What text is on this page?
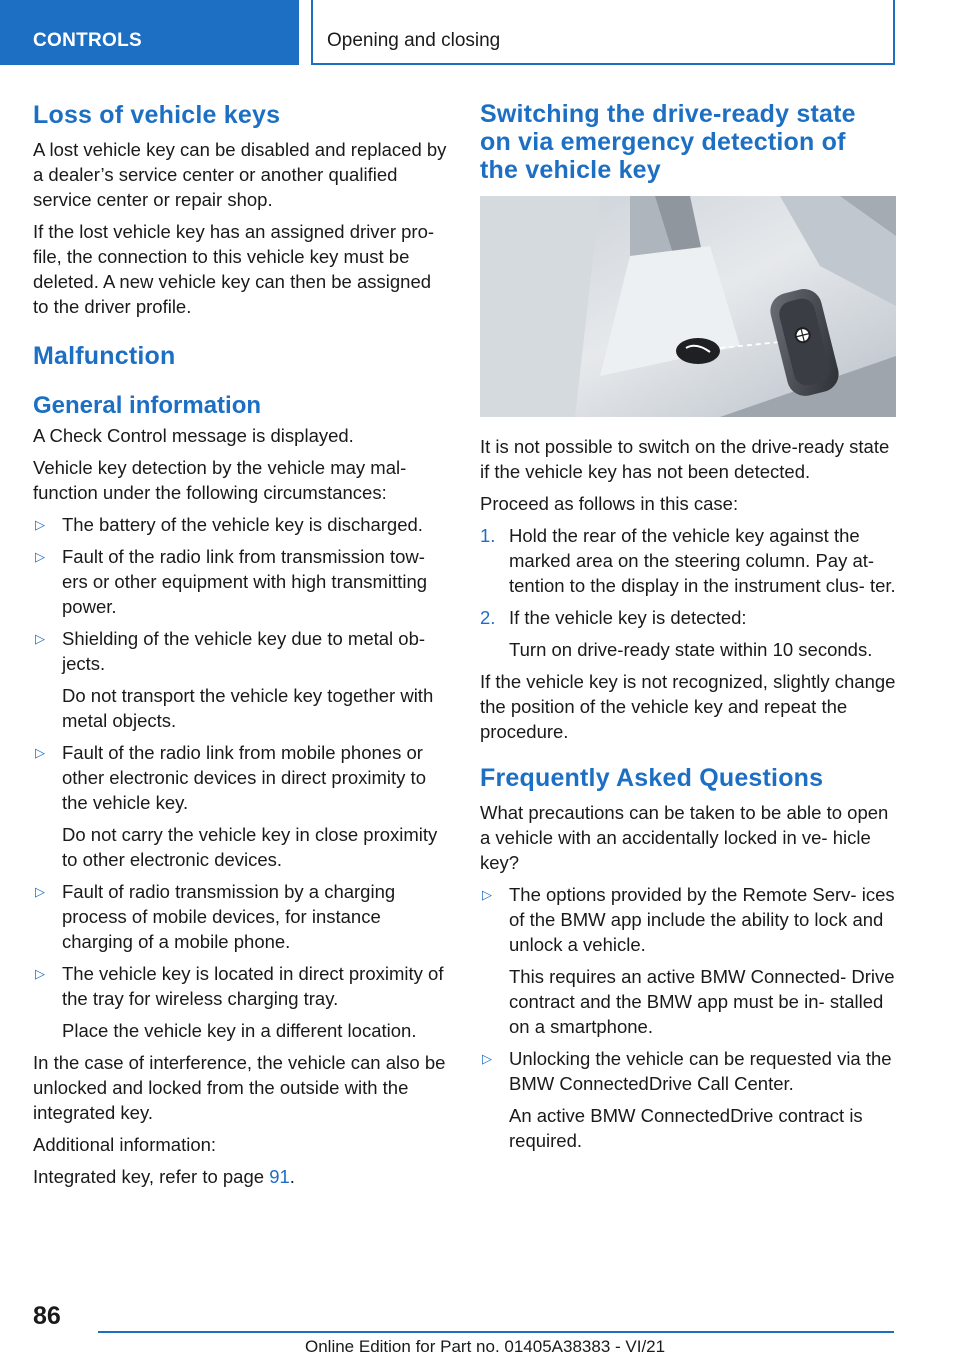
CONTROLS	Opening and closing
Loss of vehicle keys

A lost vehicle key can be disabled and replaced by a dealer’s service center or another qualified service center or repair shop.

If the lost vehicle key has an assigned driver pro‐ file, the connection to this vehicle key must be deleted. A new vehicle key can then be assigned to the driver profile.

Malfunction
General information

A Check Control message is displayed.

Vehicle key detection by the vehicle may mal‐ function under the following circumstances:

▷ The battery of the vehicle key is discharged.

▷ Fault of the radio link from transmission tow‐ ers or other equipment with high transmitting power.

▷ Shielding of the vehicle key due to metal ob‐ jects.

Do not transport the vehicle key together with metal objects.

▷ Fault of the radio link from mobile phones or other electronic devices in direct proximity to the vehicle key.

Do not carry the vehicle key in close proximity to other electronic devices.

▷ Fault of radio transmission by a charging process of mobile devices, for instance charging of a mobile phone.

▷ The vehicle key is located in direct proximity of the tray for wireless charging tray.

Place the vehicle key in a different location.

In the case of interference, the vehicle can also be unlocked and locked from the outside with the integrated key.

Additional information:

Integrated key, refer to page 91.

Switching the drive-ready state on via emergency detection of the vehicle key

It is not possible to switch on the drive-ready state if the vehicle key has not been detected.

Proceed as follows in this case:

1. Hold the rear of the vehicle key against the marked area on the steering column. Pay at‐ tention to the display in the instrument clus‐ ter.

2. If the vehicle key is detected:

Turn on drive-ready state within 10 seconds.

If the vehicle key is not recognized, slightly change the position of the vehicle key and repeat the procedure.

Frequently Asked Questions

What precautions can be taken to be able to open a vehicle with an accidentally locked in ve‐ hicle key?

▷ The options provided by the Remote Serv‐ ices of the BMW app include the ability to lock and unlock a vehicle.

This requires an active BMW Connected‐ Drive contract and the BMW app must be in‐ stalled on a smartphone.

▷ Unlocking the vehicle can be requested via the BMW ConnectedDrive Call Center.

An active BMW ConnectedDrive contract is required.

86
Online Edition for Part no. 01405A38383 - VI/21
